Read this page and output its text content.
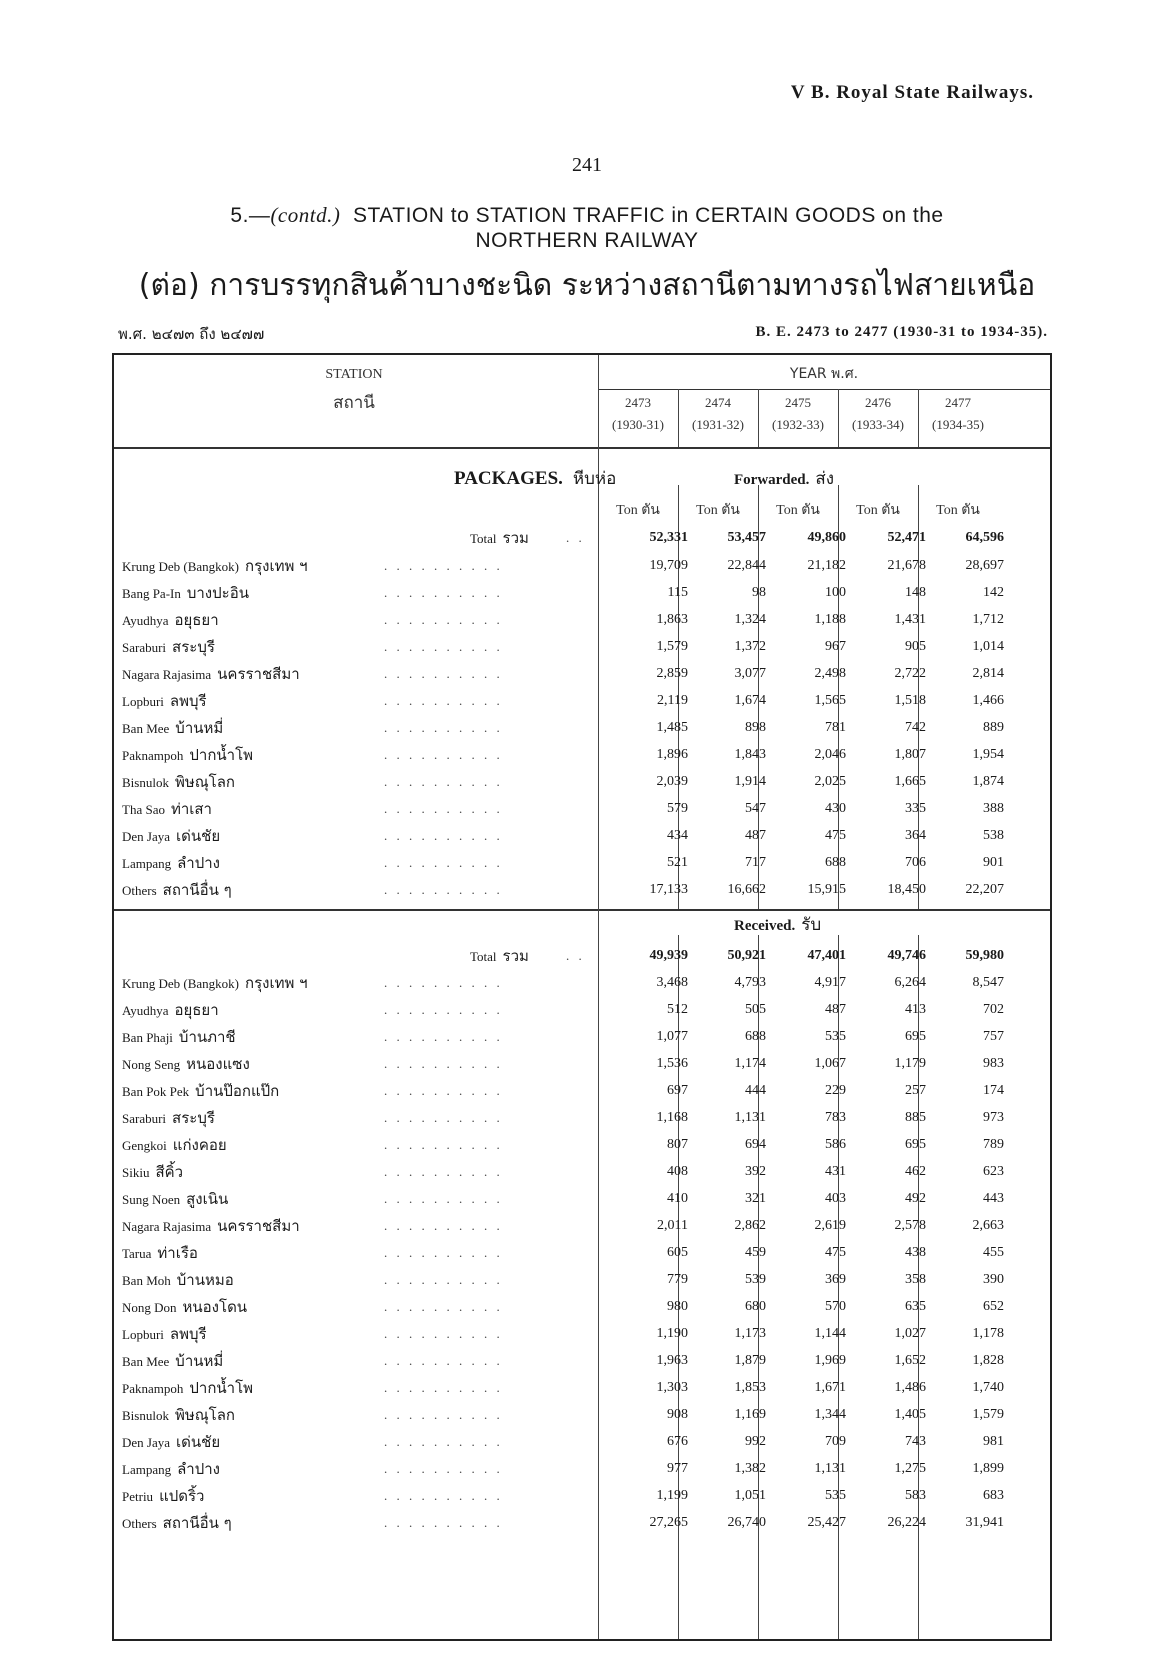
V B. Royal State Railways.
241
5.—(contd.) STATION to STATION TRAFFIC in CERTAIN GOODS on the
NORTHERN RAILWAY
(ต่อ) การบรรทุกสินค้าบางชะนิด ระหว่างสถานีตามทางรถไฟสายเหนือ
พ.ศ. ๒๔๗๓ ถึง ๒๔๗๗	B. E. 2473 to 2477 (1930-31 to 1934-35).
STATION
สถานี
YEAR พ.ศ.
2473
(1930-31)
2474
(1931-32)
2475
(1932-33)
2476
(1933-34)
2477
(1934-35)
PACKAGES. หีบห่อ	Forwarded. ส่ง
Ton ตัน	Ton ตัน	Ton ตัน	Ton ตัน	Ton ตัน
Total รวม	. .	52,331	53,457	49,860	52,471	64,596
Krung Deb (Bangkok) กรุงเทพ ฯ	. . . . . . . . . .	19,709	22,844	21,182	21,678	28,697
Bang Pa-In บางปะอิน	. . . . . . . . . .	115	98	100	148	142
Ayudhya อยุธยา	. . . . . . . . . .	1,863	1,324	1,188	1,431	1,712
Saraburi สระบุรี	. . . . . . . . . .	1,579	1,372	967	905	1,014
Nagara Rajasima นครราชสีมา	. . . . . . . . . .	2,859	3,077	2,498	2,722	2,814
Lopburi ลพบุรี	. . . . . . . . . .	2,119	1,674	1,565	1,518	1,466
Ban Mee บ้านหมี่	. . . . . . . . . .	1,485	898	781	742	889
Paknampoh ปากน้ำโพ	. . . . . . . . . .	1,896	1,843	2,046	1,807	1,954
Bisnulok พิษณุโลก	. . . . . . . . . .	2,039	1,914	2,025	1,665	1,874
Tha Sao ท่าเสา	. . . . . . . . . .	579	547	430	335	388
Den Jaya เด่นชัย	. . . . . . . . . .	434	487	475	364	538
Lampang ลำปาง	. . . . . . . . . .	521	717	688	706	901
Others สถานีอื่น ๆ	. . . . . . . . . .	17,133	16,662	15,915	18,450	22,207
Received. รับ
Total รวม	. .	49,939	50,921	47,401	49,746	59,980
Krung Deb (Bangkok) กรุงเทพ ฯ	. . . . . . . . . .	3,468	4,793	4,917	6,264	8,547
Ayudhya อยุธยา	. . . . . . . . . .	512	505	487	413	702
Ban Phaji บ้านภาชี	. . . . . . . . . .	1,077	688	535	695	757
Nong Seng หนองแซง	. . . . . . . . . .	1,536	1,174	1,067	1,179	983
Ban Pok Pek บ้านป๊อกแป๊ก	. . . . . . . . . .	697	444	229	257	174
Saraburi สระบุรี	. . . . . . . . . .	1,168	1,131	783	885	973
Gengkoi แก่งคอย	. . . . . . . . . .	807	694	586	695	789
Sikiu สีคิ้ว	. . . . . . . . . .	408	392	431	462	623
Sung Noen สูงเนิน	. . . . . . . . . .	410	321	403	492	443
Nagara Rajasima นครราชสีมา	. . . . . . . . . .	2,011	2,862	2,619	2,578	2,663
Tarua ท่าเรือ	. . . . . . . . . .	605	459	475	438	455
Ban Moh บ้านหมอ	. . . . . . . . . .	779	539	369	358	390
Nong Don หนองโดน	. . . . . . . . . .	980	680	570	635	652
Lopburi ลพบุรี	. . . . . . . . . .	1,190	1,173	1,144	1,027	1,178
Ban Mee บ้านหมี่	. . . . . . . . . .	1,963	1,879	1,969	1,652	1,828
Paknampoh ปากน้ำโพ	. . . . . . . . . .	1,303	1,853	1,671	1,486	1,740
Bisnulok พิษณุโลก	. . . . . . . . . .	908	1,169	1,344	1,405	1,579
Den Jaya เด่นชัย	. . . . . . . . . .	676	992	709	743	981
Lampang ลำปาง	. . . . . . . . . .	977	1,382	1,131	1,275	1,899
Petriu แปดริ้ว	. . . . . . . . . .	1,199	1,051	535	583	683
Others สถานีอื่น ๆ	. . . . . . . . . .	27,265	26,740	25,427	26,224	31,941
